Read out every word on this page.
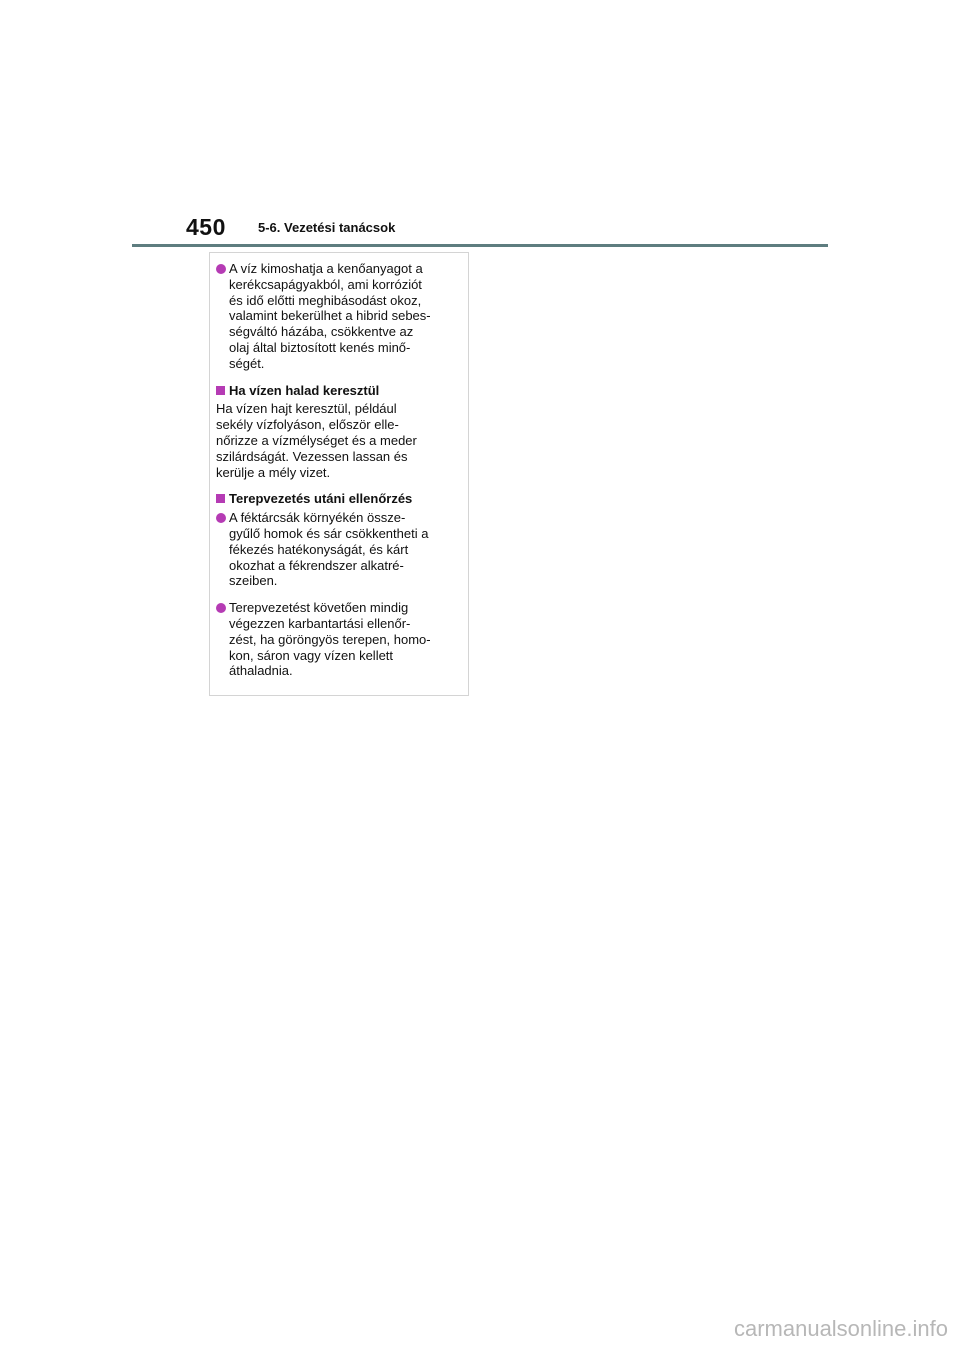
450 5-6. Vezetési tanácsok
A víz kimoshatja a kenőanyagot a
kerékcsapágyakból, ami korróziót
és idő előtti meghibásodást okoz,
valamint bekerülhet a hibrid sebes-
ségváltó házába, csökkentve az
olaj által biztosított kenés minő-
ségét.
Ha vízen halad keresztül
Ha vízen hajt keresztül, például
sekély vízfolyáson, először elle-
nőrizze a vízmélységet és a meder
szilárdságát. Vezessen lassan és
kerülje a mély vizet.
Terepvezetés utáni ellenőrzés
A féktárcsák környékén össze-
gyűlő homok és sár csökkentheti a
fékezés hatékonyságát, és kárt
okozhat a fékrendszer alkatré-
szeiben.
Terepvezetést követően mindig
végezzen karbantartási ellenőr-
zést, ha göröngyös terepen, homo-
kon, sáron vagy vízen kellett
áthaladnia.
carmanualsonline.info
